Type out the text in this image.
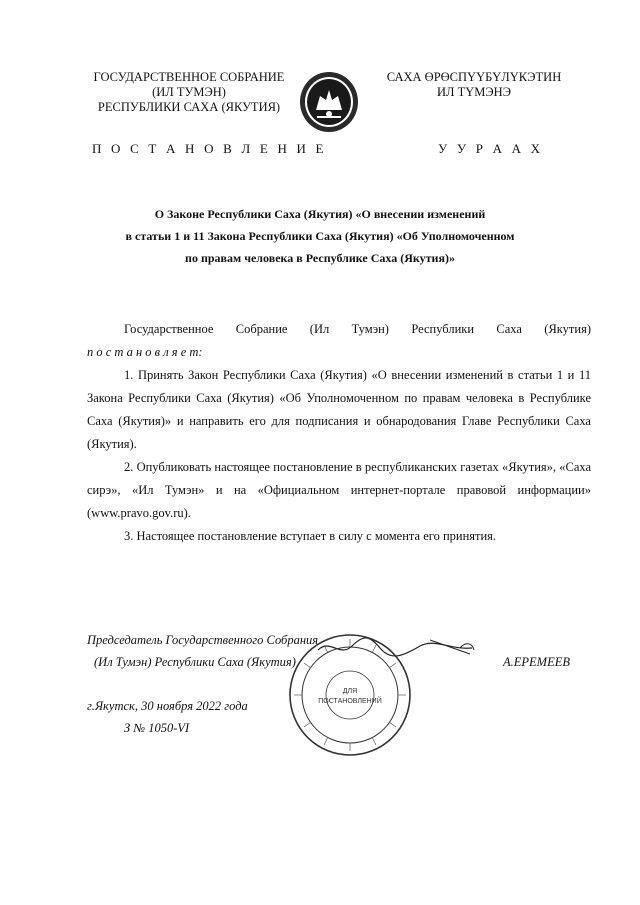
ГОСУДАРСТВЕННОЕ СОБРАНИЕ
(ИЛ ТУМЭН)
РЕСПУБЛИКИ САХА (ЯКУТИЯ)
САХА ӨРӨСПҮҮБҮЛҮКЭТИН
ИЛ ТҮМЭНЭ
П О С Т А Н О В Л Е Н И Е	У У Р А А Х
О Законе Республики Саха (Якутия) «О внесении изменений
в статьи 1 и 11 Закона Республики Саха (Якутия) «Об Уполномоченном
по правам человека в Республике Саха (Якутия)»

Государственное Собрание (Ил Тумэн) Республики Саха (Якутия)

п о с т а н о в л я е т:

1. Принять Закон Республики Саха (Якутия) «О внесении изменений в статьи 1 и 11 Закона Республики Саха (Якутия) «Об Уполномоченном по правам человека в Республике Саха (Якутия)» и направить его для подписания и обнародования Главе Республики Саха (Якутия).

2. Опубликовать настоящее постановление в республиканских газетах «Якутия», «Саха сирэ», «Ил Тумэн» и на «Официальном интернет-портале правовой информации» (www.pravo.gov.ru).

3. Настоящее постановление вступает в силу с момента его принятия.

Председатель Государственного Собрания
(Ил Тумэн) Республики Саха (Якутия)	А.ЕРЕМЕЕВ
ДЛЯ
ПОСТАНОВЛЕНИЙ
г.Якутск, 30 ноября 2022 года
З № 1050-VI
